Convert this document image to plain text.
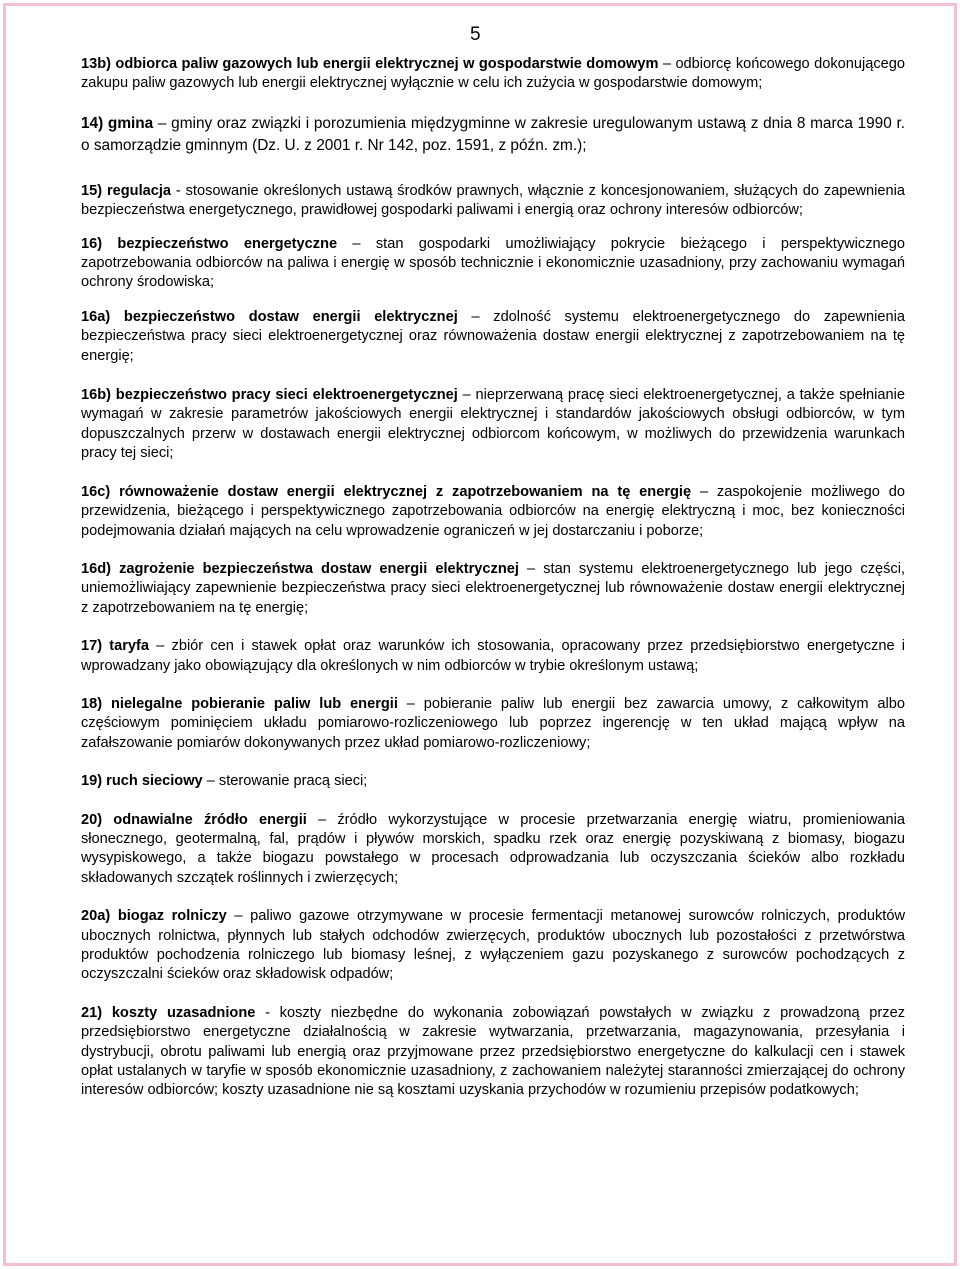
5

13b) odbiorca paliw gazowych lub energii elektrycznej w gospodarstwie domowym – odbiorcę końcowego dokonującego zakupu paliw gazowych lub energii elektrycznej wyłącznie w celu ich zużycia w gospodarstwie domowym;

14) gmina – gminy oraz związki i porozumienia międzygminne w zakresie uregulowanym ustawą z dnia 8 marca 1990 r. o samorządzie gminnym (Dz. U. z 2001 r. Nr 142, poz. 1591, z późn. zm.);

15) regulacja - stosowanie określonych ustawą środków prawnych, włącznie z koncesjonowaniem, służących do zapewnienia bezpieczeństwa energetycznego, prawidłowej gospodarki paliwami i energią oraz ochrony interesów odbiorców;

16) bezpieczeństwo energetyczne – stan gospodarki umożliwiający pokrycie bieżącego i perspektywicznego zapotrzebowania odbiorców na paliwa i energię w sposób technicznie i ekonomicznie uzasadniony, przy zachowaniu wymagań ochrony środowiska;

16a) bezpieczeństwo dostaw energii elektrycznej – zdolność systemu elektroenergetycznego do zapewnienia bezpieczeństwa pracy sieci elektroenergetycznej oraz równoważenia dostaw energii elektrycznej z zapotrzebowaniem na tę energię;

16b) bezpieczeństwo pracy sieci elektroenergetycznej – nieprzerwaną pracę sieci elektroenergetycznej, a także spełnianie wymagań w zakresie parametrów jakościowych energii elektrycznej i standardów jakościowych obsługi odbiorców, w tym dopuszczalnych przerw w dostawach energii elektrycznej odbiorcom końcowym, w możliwych do przewidzenia warunkach pracy tej sieci;

16c) równoważenie dostaw energii elektrycznej z zapotrzebowaniem na tę energię – zaspokojenie możliwego do przewidzenia, bieżącego i perspektywicznego zapotrzebowania odbiorców na energię elektryczną i moc, bez konieczności podejmowania działań mających na celu wprowadzenie ograniczeń w jej dostarczaniu i poborze;

16d) zagrożenie bezpieczeństwa dostaw energii elektrycznej – stan systemu elektroenergetycznego lub jego części, uniemożliwiający zapewnienie bezpieczeństwa pracy sieci elektroenergetycznej lub równoważenie dostaw energii elektrycznej z zapotrzebowaniem na tę energię;

17) taryfa – zbiór cen i stawek opłat oraz warunków ich stosowania, opracowany przez przedsiębiorstwo energetyczne i wprowadzany jako obowiązujący dla określonych w nim odbiorców w trybie określonym ustawą;

18) nielegalne pobieranie paliw lub energii – pobieranie paliw lub energii bez zawarcia umowy, z całkowitym albo częściowym pominięciem układu pomiarowo-rozliczeniowego lub poprzez ingerencję w ten układ mającą wpływ na zafałszowanie pomiarów dokonywanych przez układ pomiarowo-rozliczeniowy;

19) ruch sieciowy – sterowanie pracą sieci;

20) odnawialne źródło energii – źródło wykorzystujące w procesie przetwarzania energię wiatru, promieniowania słonecznego, geotermalną, fal, prądów i pływów morskich, spadku rzek oraz energię pozyskiwaną z biomasy, biogazu wysypiskowego, a także biogazu powstałego w procesach odprowadzania lub oczyszczania ścieków albo rozkładu składowanych szczątek roślinnych i zwierzęcych;

20a) biogaz rolniczy – paliwo gazowe otrzymywane w procesie fermentacji metanowej surowców rolniczych, produktów ubocznych rolnictwa, płynnych lub stałych odchodów zwierzęcych, produktów ubocznych lub pozostałości z przetwórstwa produktów pochodzenia rolniczego lub biomasy leśnej, z wyłączeniem gazu pozyskanego z surowców pochodzących z oczyszczalni ścieków oraz składowisk odpadów;

21) koszty uzasadnione - koszty niezbędne do wykonania zobowiązań powstałych w związku z prowadzoną przez przedsiębiorstwo energetyczne działalnością w zakresie wytwarzania, przetwarzania, magazynowania, przesyłania i dystrybucji, obrotu paliwami lub energią oraz przyjmowane przez przedsiębiorstwo energetyczne do kalkulacji cen i stawek opłat ustalanych w taryfie w sposób ekonomicznie uzasadniony, z zachowaniem należytej staranności zmierzającej do ochrony interesów odbiorców; koszty uzasadnione nie są kosztami uzyskania przychodów w rozumieniu przepisów podatkowych;
